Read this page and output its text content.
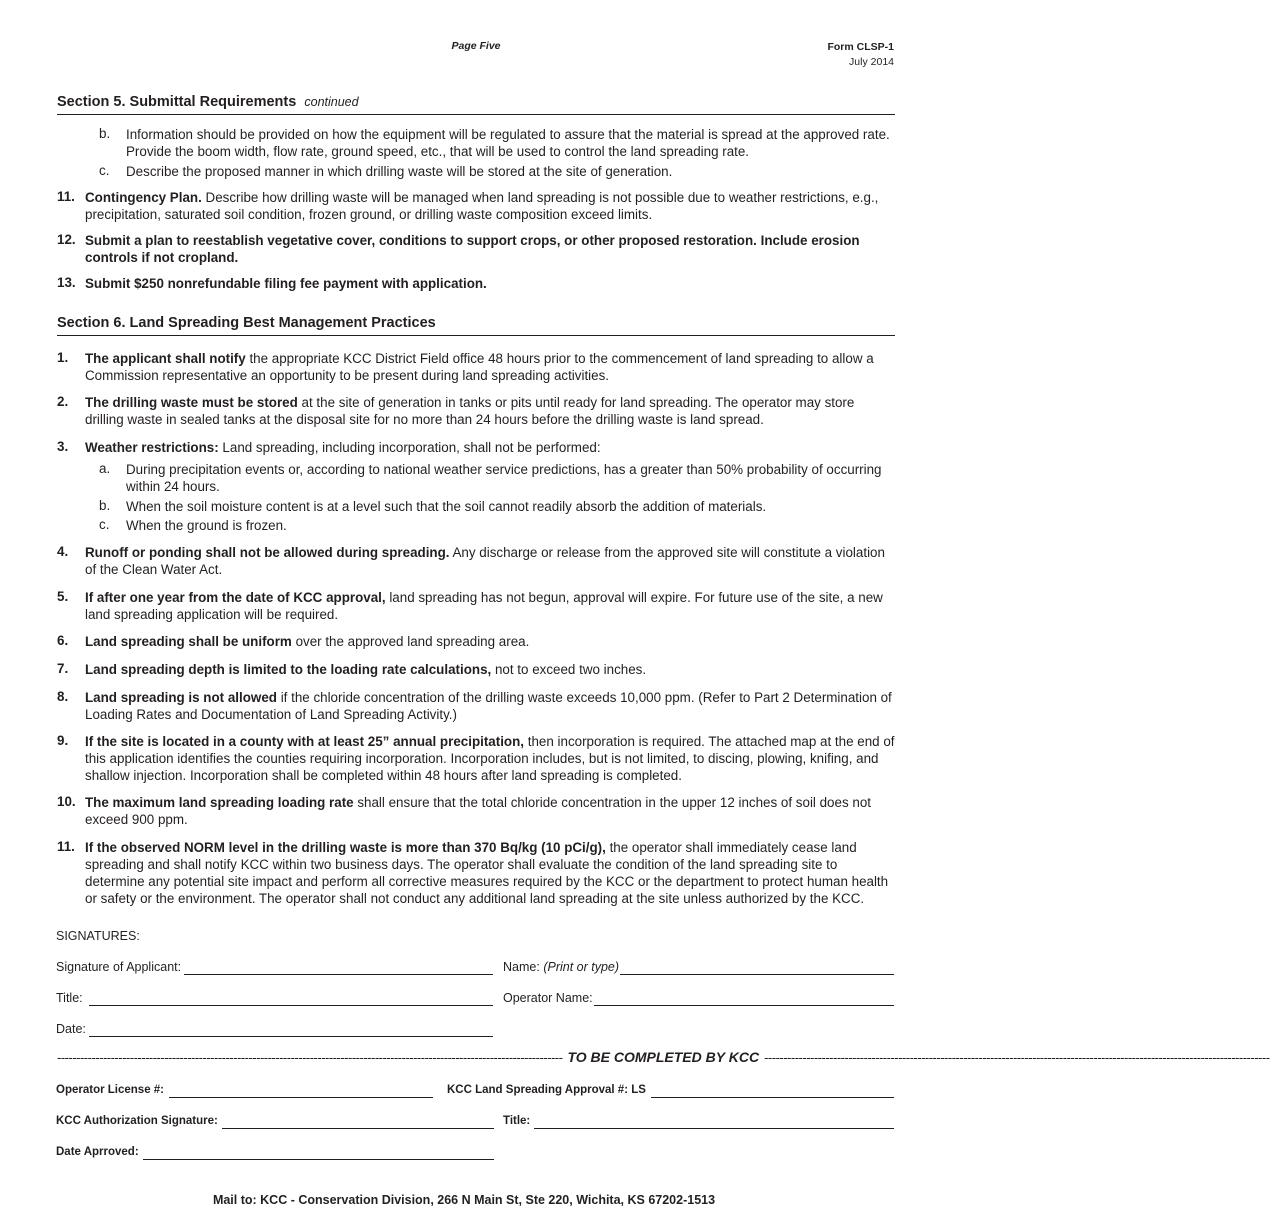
Page Five	Form CLSP-1
July 2014
Section 5. Submittal Requirements continued
b.	Information should be provided on how the equipment will be regulated to assure that the material is spread at the approved rate. Provide the boom width, flow rate, ground speed, etc., that will be used to control the land spreading rate.
c.	Describe the proposed manner in which drilling waste will be stored at the site of generation.
11. Contingency Plan. Describe how drilling waste will be managed when land spreading is not possible due to weather restrictions, e.g., precipitation, saturated soil condition, frozen ground, or drilling waste composition exceed limits.
12. Submit a plan to reestablish vegetative cover, conditions to support crops, or other proposed restoration. Include erosion controls if not cropland.
13. Submit $250 nonrefundable filing fee payment with application.
Section 6. Land Spreading Best Management Practices
1.	The applicant shall notify the appropriate KCC District Field office 48 hours prior to the commencement of land spreading to allow a Commission representative an opportunity to be present during land spreading activities.
2.	The drilling waste must be stored at the site of generation in tanks or pits until ready for land spreading. The operator may store drilling waste in sealed tanks at the disposal site for no more than 24 hours before the drilling waste is land spread.
3.	Weather restrictions: Land spreading, including incorporation, shall not be performed:
a.	During precipitation events or, according to national weather service predictions, has a greater than 50% probability of occurring within 24 hours.
b.	When the soil moisture content is at a level such that the soil cannot readily absorb the addition of materials.
c.	When the ground is frozen.
4.	Runoff or ponding shall not be allowed during spreading. Any discharge or release from the approved site will constitute a violation of the Clean Water Act.
5.	If after one year from the date of KCC approval, land spreading has not begun, approval will expire. For future use of the site, a new land spreading application will be required.
6.	Land spreading shall be uniform over the approved land spreading area.
7.	Land spreading depth is limited to the loading rate calculations, not to exceed two inches.
8.	Land spreading is not allowed if the chloride concentration of the drilling waste exceeds 10,000 ppm. (Refer to Part 2 Determination of Loading Rates and Documentation of Land Spreading Activity.)
9.	If the site is located in a county with at least 25” annual precipitation, then incorporation is required. The attached map at the end of this application identifies the counties requiring incorporation. Incorporation includes, but is not limited, to discing, plowing, knifing, and shallow injection. Incorporation shall be completed within 48 hours after land spreading is completed.
10. The maximum land spreading loading rate shall ensure that the total chloride concentration in the upper 12 inches of soil does not exceed 900 ppm.
11. If the observed NORM level in the drilling waste is more than 370 Bq/kg (10 pCi/g), the operator shall immediately cease land spreading and shall notify KCC within two business days. The operator shall evaluate the condition of the land spreading site to determine any potential site impact and perform all corrective measures required by the KCC or the department to protect human health or safety or the environment. The operator shall not conduct any additional land spreading at the site unless authorized by the KCC.
SIGNATURES:
Signature of Applicant:	Name: (Print or type)
Title:	Operator Name:
Date:
------------------------------------------------------------------------------------------------------------------------------------ TO BE COMPLETED BY KCC ------------------------------------------------------------------------------------------------------------------------------------
Operator License #:	KCC Land Spreading Approval #: LS
KCC Authorization Signature:	Title:
Date Aprroved:
Mail to: KCC - Conservation Division, 266 N Main St, Ste 220, Wichita, KS 67202-1513
